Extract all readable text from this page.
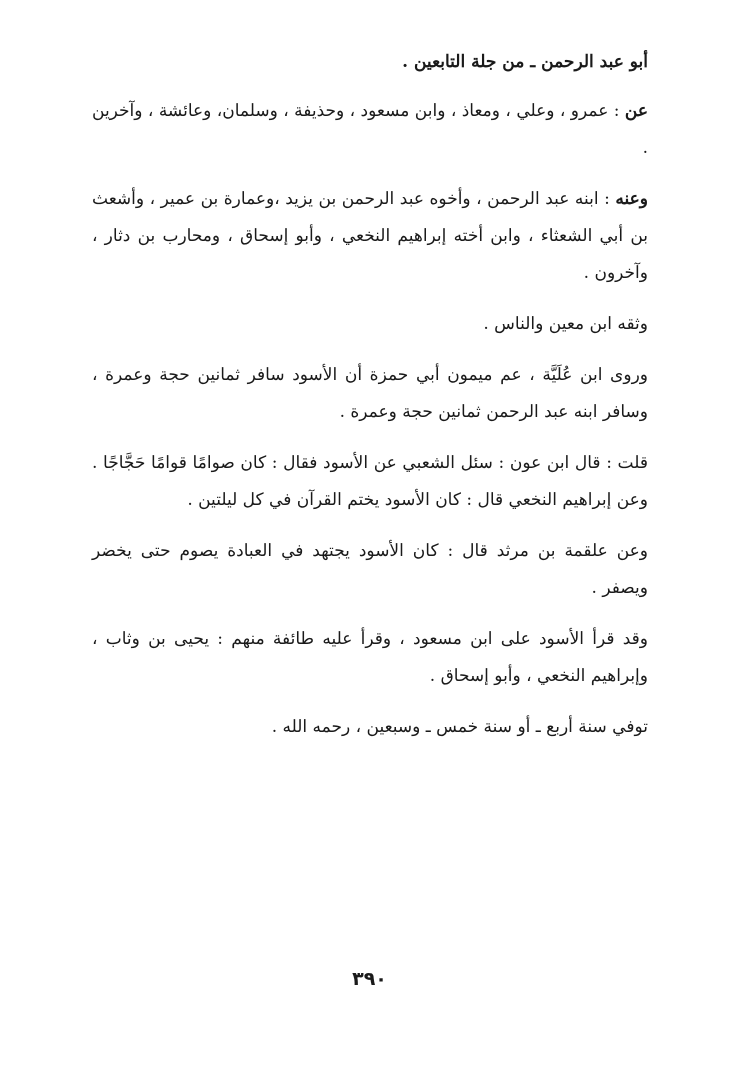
أبو عبد الرحمن ـ من جلة التابعين .

عن : عمرو ، وعلي ، ومعاذ ، وابن مسعود ، وحذيفة ، وسلمان، وعائشة ، وآخرين .

وعنه : ابنه عبد الرحمن ، وأخوه عبد الرحمن بن يزيد ،وعمارة بن عمير ، وأشعث بن أبي الشعثاء ، وابن أخته إبراهيم النخعي ، وأبو إسحاق ، ومحارب بن دثار ، وآخرون .

وثقه ابن معين والناس .

وروى ابن عُلَيَّة ، عم ميمون أبي حمزة أن الأسود سافر ثمانين حجة وعمرة ، وسافر ابنه عبد الرحمن ثمانين حجة وعمرة .

قلت : قال ابن عون : سئل الشعبي عن الأسود فقال : كان صوامًا قوامًا حَجَّاجًا . وعن إبراهيم النخعي قال : كان الأسود يختم القرآن في كل ليلتين .

وعن علقمة بن مرثد قال : كان الأسود يجتهد في العبادة يصوم حتى يخضر ويصفر .

وقد قرأ الأسود على ابن مسعود ، وقرأ عليه طائفة منهم : يحيى بن وثاب ، وإبراهيم النخعي ، وأبو إسحاق .

توفي سنة أربع ـ أو سنة خمس ـ وسبعين ، رحمه الله .

٣٩٠
